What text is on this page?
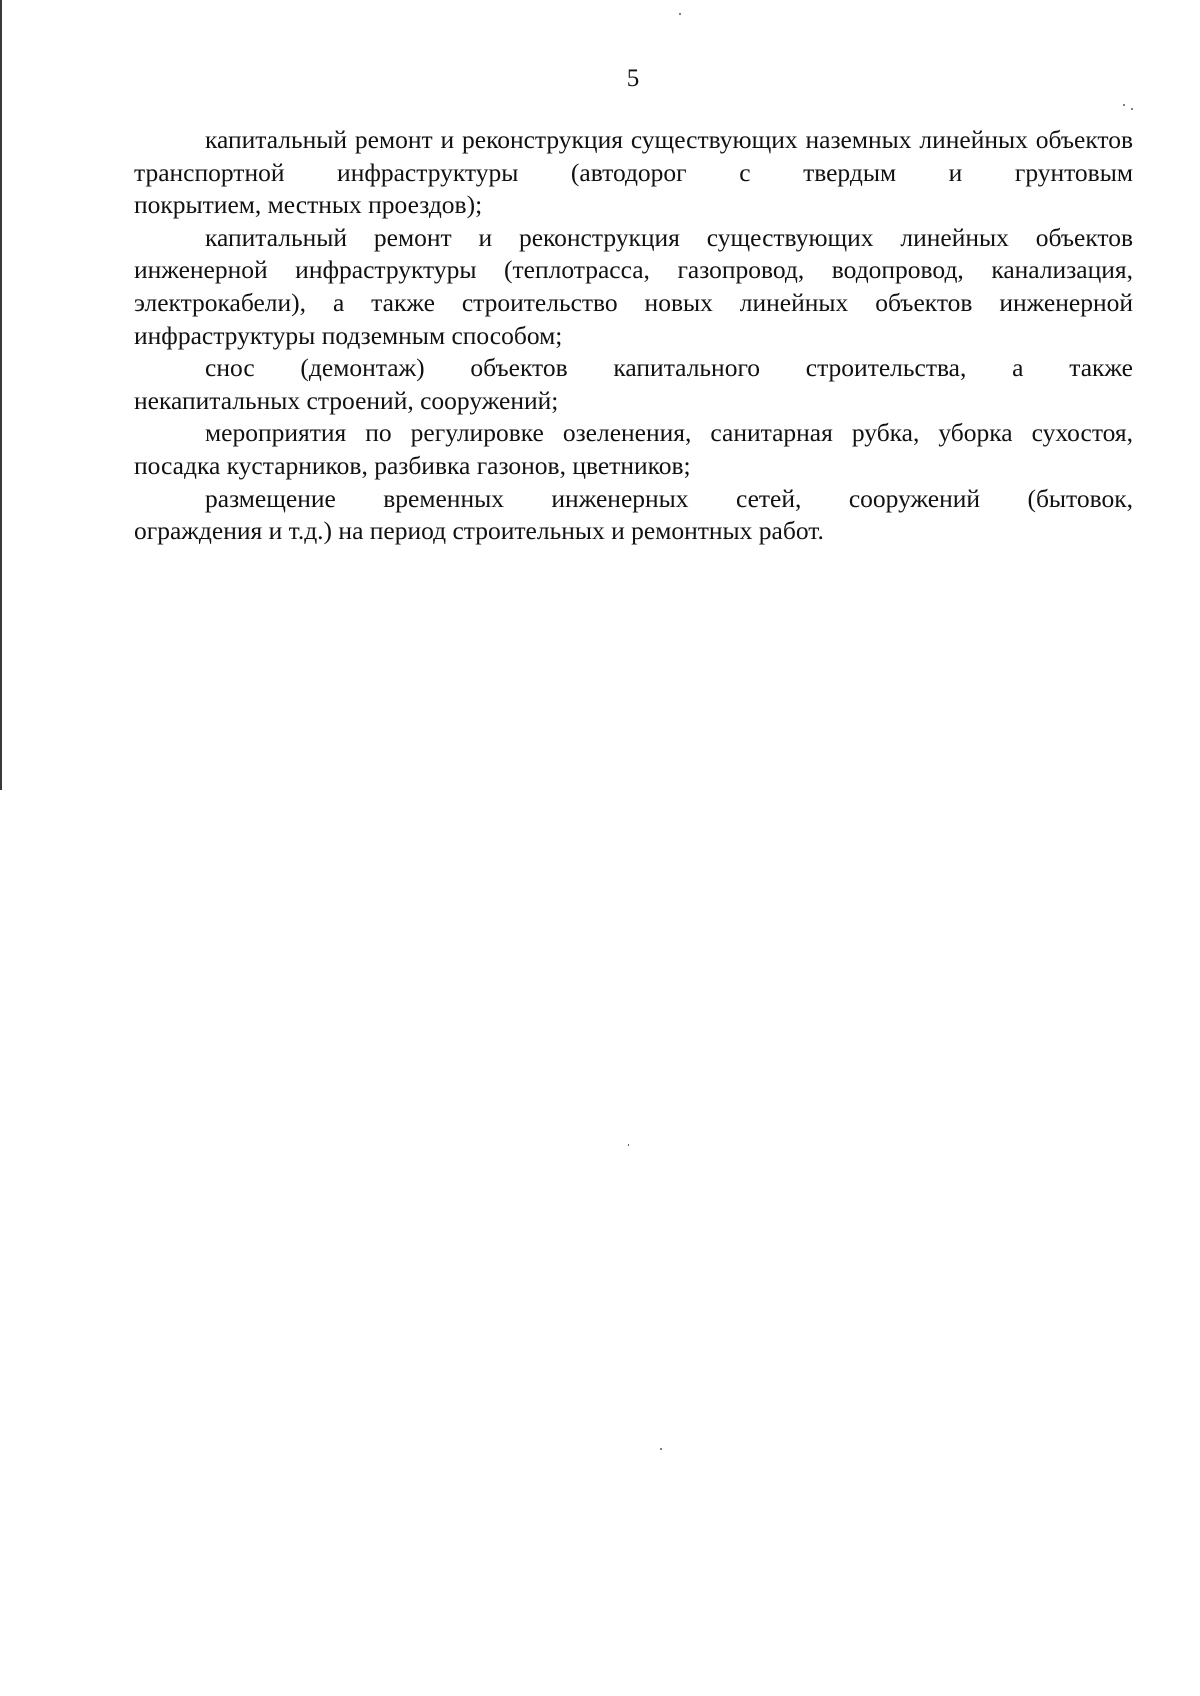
5

капитальный ремонт и реконструкция существующих наземных линейных объектов транспортной инфраструктуры (автодорог с твердым и грунтовым

покрытием, местных проездов);

капитальный ремонт и реконструкция существующих линейных объектов инженерной инфраструктуры (теплотрасса, газопровод, водопровод, канализация, электрокабели), а также строительство новых линейных объектов инженерной

инфраструктуры подземным способом;

снос (демонтаж) объектов капитального строительства, а также

некапитальных строений, сооружений;

мероприятия по регулировке озеленения, санитарная рубка, уборка сухостоя,

посадка кустарников, разбивка газонов, цветников;

размещение временных инженерных сетей, сооружений (бытовок,

ограждения и т.д.) на период строительных и ремонтных работ.
